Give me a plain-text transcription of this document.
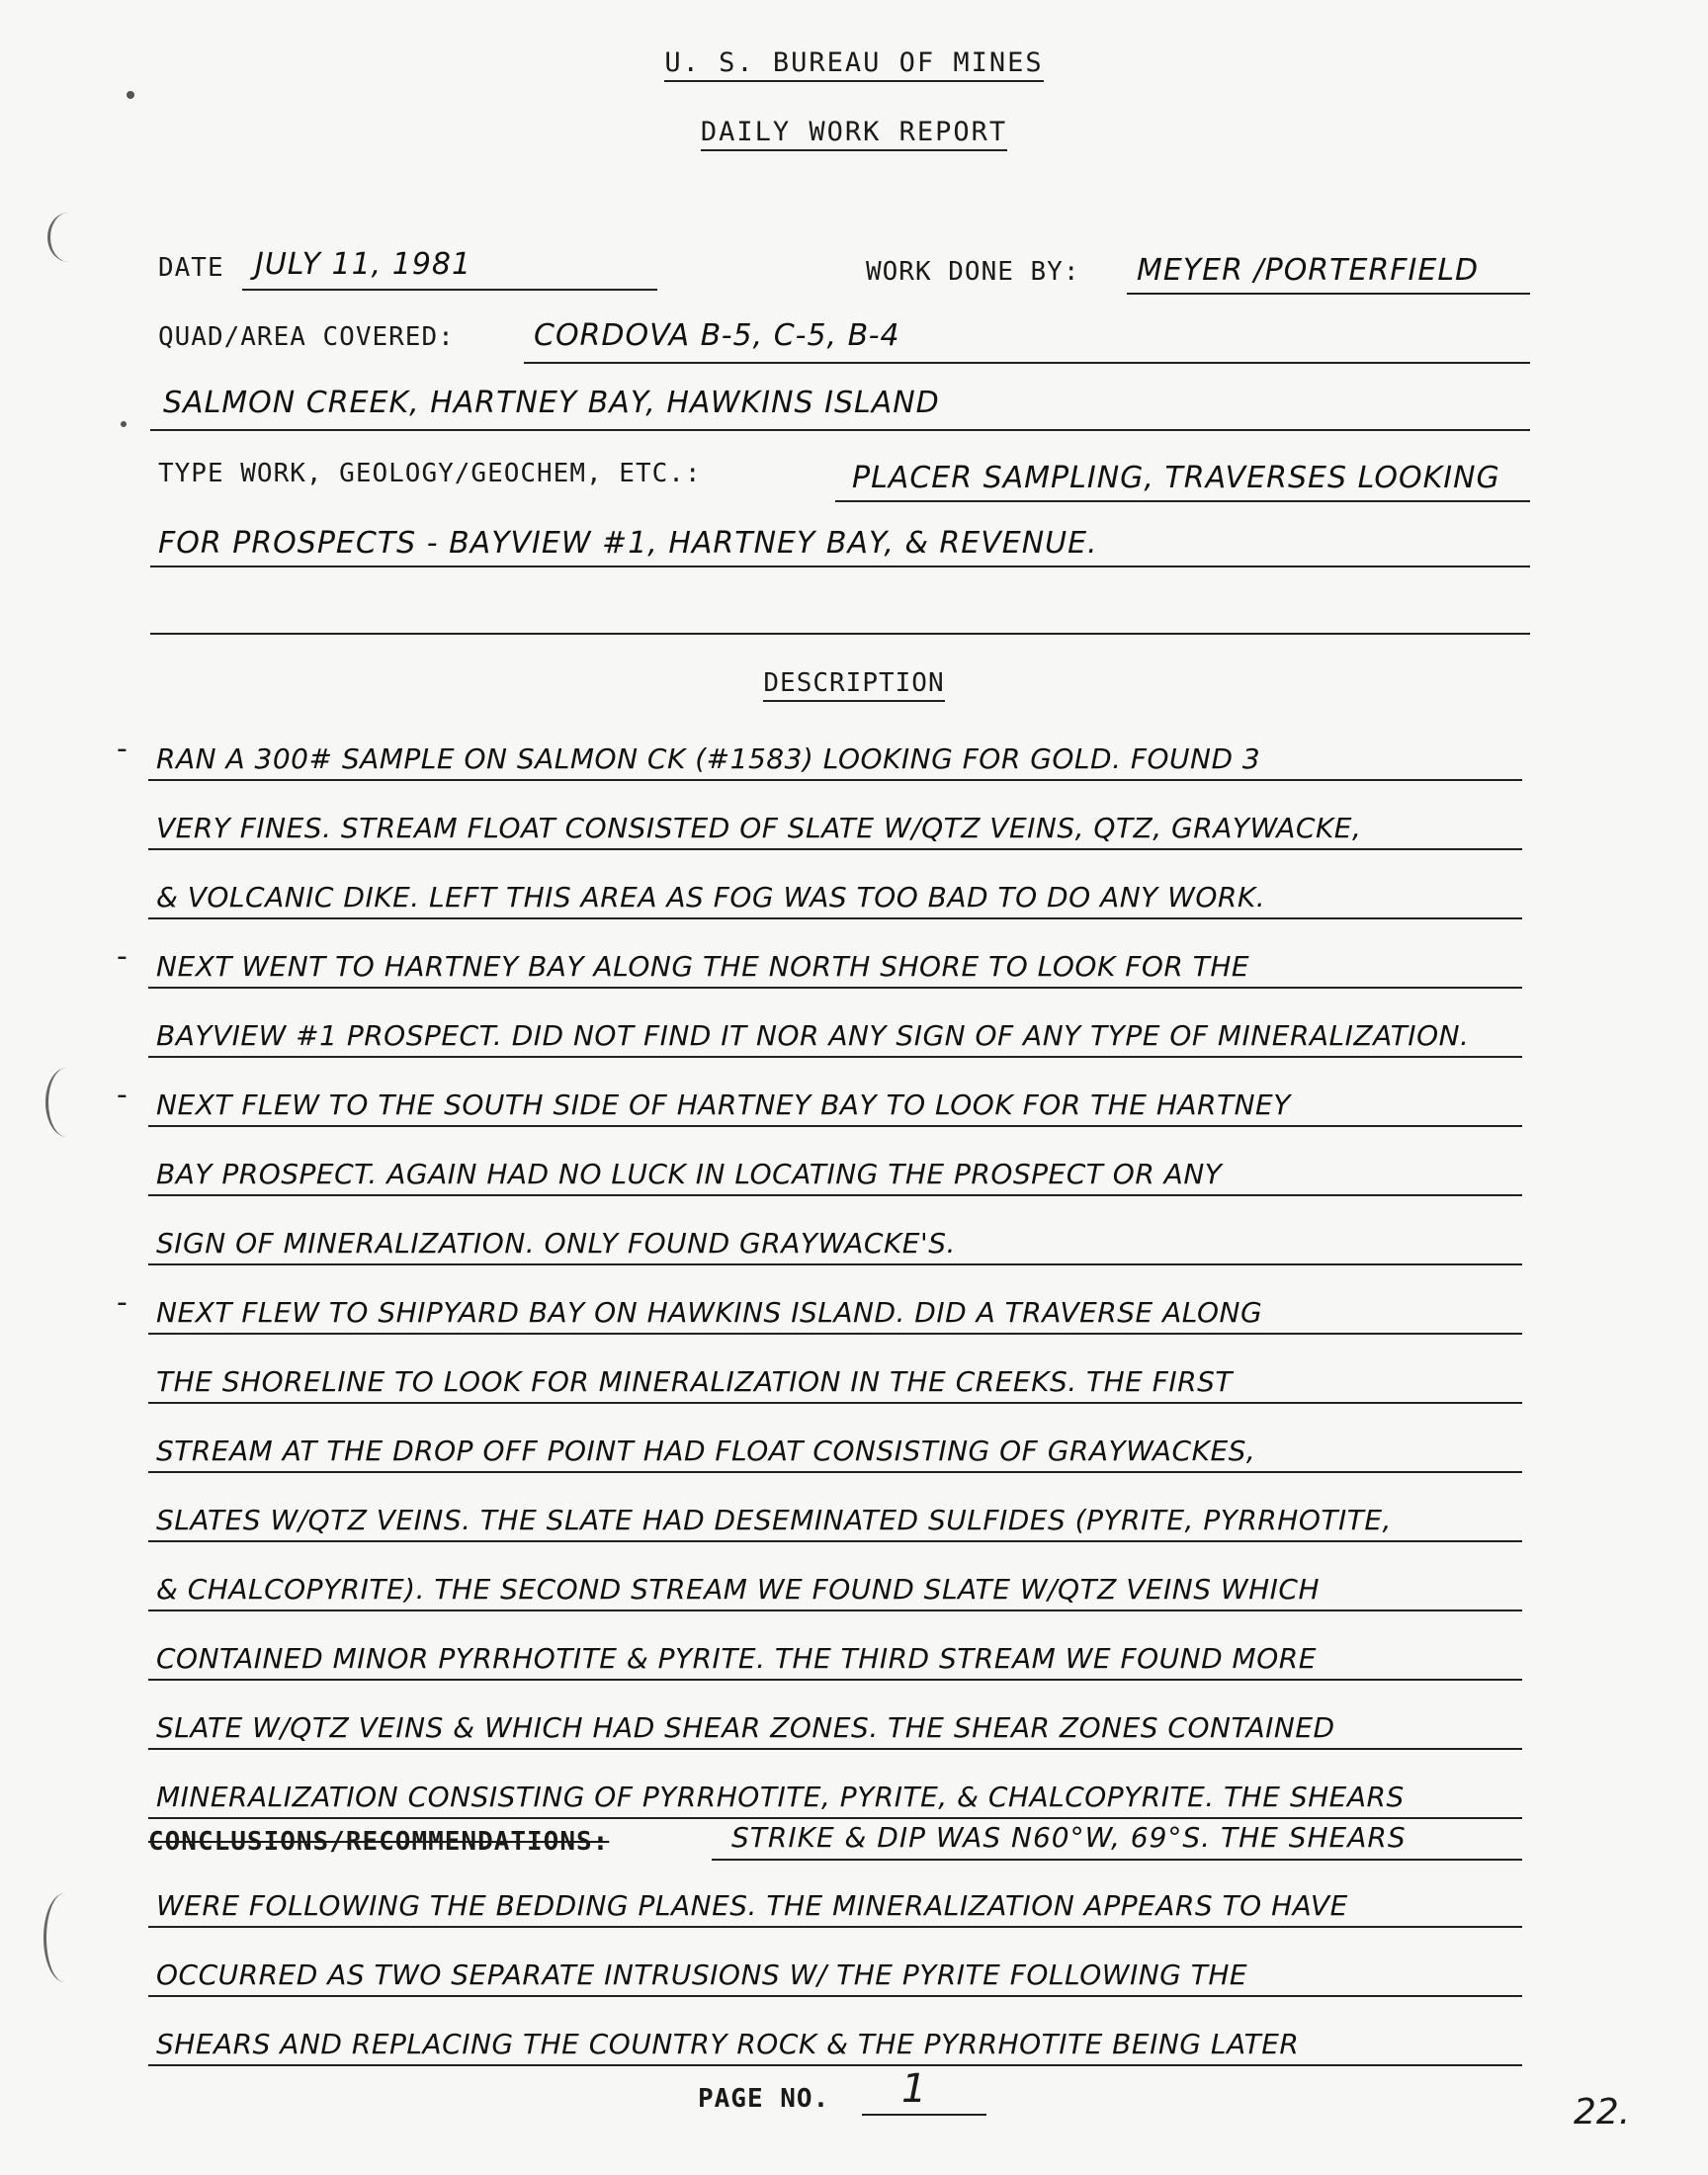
U. S. BUREAU OF MINES
DAILY WORK REPORT
DATE JULY 11, 1981	WORK DONE BY: MEYER /PORTERFIELD
QUAD/AREA COVERED:	CORDOVA B-5, C-5, B-4
SALMON CREEK, HARTNEY BAY, HAWKINS ISLAND
TYPE WORK, GEOLOGY/GEOCHEM, ETC.:	PLACER SAMPLING, TRAVERSES LOOKING
FOR PROSPECTS - BAYVIEW #1, HARTNEY BAY, & REVENUE.
DESCRIPTION
RAN A 300# SAMPLE ON SALMON CK (#1583) LOOKING FOR GOLD. FOUND 3
VERY FINES. STREAM FLOAT CONSISTED OF SLATE W/QTZ VEINS, QTZ, GRAYWACKE,
& VOLCANIC DIKE. LEFT THIS AREA AS FOG WAS TOO BAD TO DO ANY WORK.
NEXT WENT TO HARTNEY BAY ALONG THE NORTH SHORE TO LOOK FOR THE
BAYVIEW #1 PROSPECT. DID NOT FIND IT NOR ANY SIGN OF ANY TYPE OF MINERALIZATION.
NEXT FLEW TO THE SOUTH SIDE OF HARTNEY BAY TO LOOK FOR THE HARTNEY
BAY PROSPECT. AGAIN HAD NO LUCK IN LOCATING THE PROSPECT OR ANY
SIGN OF MINERALIZATION. ONLY FOUND GRAYWACKE'S.
NEXT FLEW TO SHIPYARD BAY ON HAWKINS ISLAND. DID A TRAVERSE ALONG
THE SHORELINE TO LOOK FOR MINERALIZATION IN THE CREEKS. THE FIRST
STREAM AT THE DROP OFF POINT HAD FLOAT CONSISTING OF GRAYWACKES,
SLATES W/QTZ VEINS. THE SLATE HAD DESEMINATED SULFIDES (PYRITE, PYRRHOTITE,
& CHALCOPYRITE). THE SECOND STREAM WE FOUND SLATE W/QTZ VEINS WHICH
CONTAINED MINOR PYRRHOTITE & PYRITE. THE THIRD STREAM WE FOUND MORE
SLATE W/QTZ VEINS & WHICH HAD SHEAR ZONES. THE SHEAR ZONES CONTAINED
MINERALIZATION CONSISTING OF PYRRHOTITE, PYRITE, & CHALCOPYRITE. THE SHEARS
-
-
-
-
CONCLUSIONS/RECOMMENDATIONS:	STRIKE & DIP WAS N60°W, 69°S. THE SHEARS
WERE FOLLOWING THE BEDDING PLANES. THE MINERALIZATION APPEARS TO HAVE
OCCURRED AS TWO SEPARATE INTRUSIONS W/ THE PYRITE FOLLOWING THE
SHEARS AND REPLACING THE COUNTRY ROCK & THE PYRRHOTITE BEING LATER
PAGE NO. 1
22.
